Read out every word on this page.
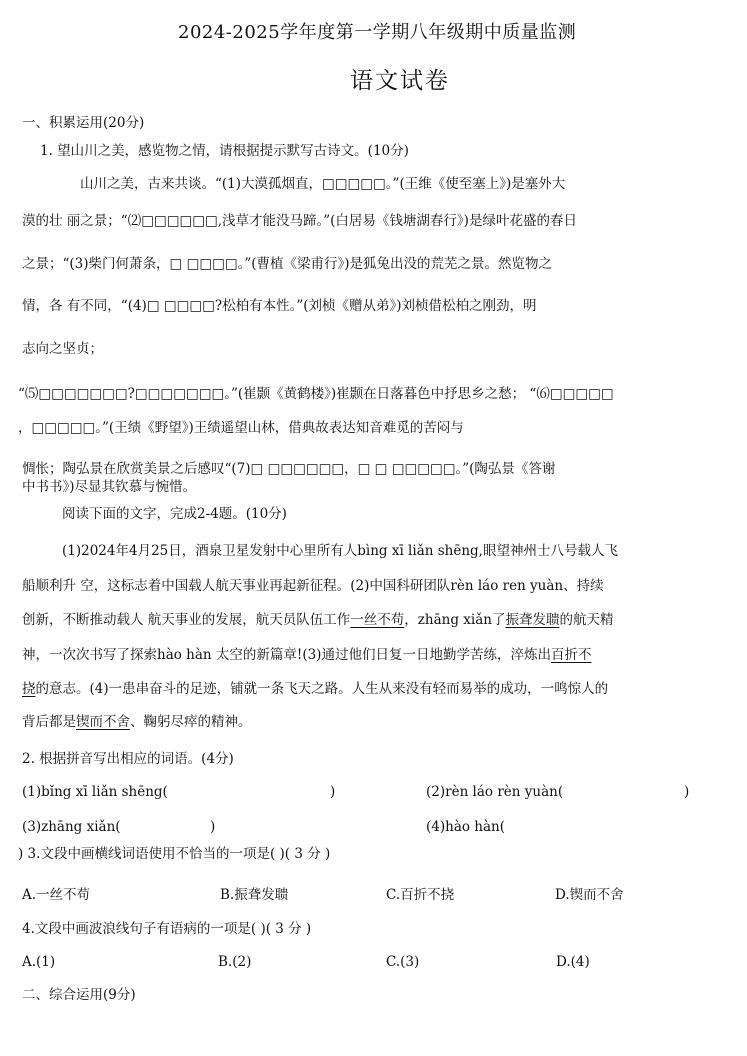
2024-2025学年度第一学期八年级期中质量监测
语文试卷
一、积累运用(20分)
1. 望山川之美，感览物之情，请根据提示默写古诗文。(10分)
山川之美，古来共谈。“(1)大漠孤烟直，□□□□□。”(王维《使至塞上》)是塞外大
漠的壮 丽之景；“⑵□□□□□□,浅草才能没马蹄。”(白居易《钱塘湖春行》)是绿叶花盛的春日
之景；“(3)柴门何萧条，□ □□□□。”(曹植《梁甫行》)是狐兔出没的荒芜之景。然览物之
情，各 有不同，“(4)□ □□□□?松柏有本性。”(刘桢《赠从弟》)刘桢借松柏之刚劲，明
志向之坚贞；
“⑸□□□□□□□?□□□□□□□。”(崔颢《黄鹤楼》)崔颢在日落暮色中抒思乡之愁； “⑹□□□□□
，□□□□□。”(王绩《野望》)王绩遥望山林，借典故表达知音难觅的苦闷与
惆怅；陶弘景在欣赏美景之后感叹“(7)□ □□□□□□，□ □ □□□□□。”(陶弘景《答谢
中书书》)尽显其钦慕与惋惜。
阅读下面的文字，完成2-4题。(10分)
(1)2024年4月25日，酒泉卫星发射中心里所有人bìng xī liǎn shēng,眼望神州士八号载人飞
船顺利升 空，这标志着中国载人航天事业再起新征程。(2)中国科研团队rèn láo ren yuàn、持续
创新，不断推动载人 航天事业的发展，航天员队伍工作一丝不苟，zhāng xiǎn了振聋发聩的航天精
神，一次次书写了探索hào hàn 太空的新篇章!(3)通过他们日复一日地勤学苦练，淬炼出百折不
挠的意志。(4)一患串奋斗的足迹，铺就一条飞天之路。人生从来没有轻而易举的成功，一鸣惊人的
背后都是锲而不舍、鞠躬尽瘁的精神。
2. 根据拼音写出相应的词语。(4分)
(1)bǐng xī liǎn shēng(	)	(2)rèn láo rèn yuàn(	)
(3)zhāng xiǎn(	)	(4)hào hàn(
) 3.文段中画横线词语使用不恰当的一项是( )( 3 分 )
A.一丝不苟	B.振聋发聩	C.百折不挠	D.锲而不舍
4.文段中画波浪线句子有语病的一项是( )( 3 分 )
A.(1)	B.(2)	C.(3)	D.(4)
二、综合运用(9分)
